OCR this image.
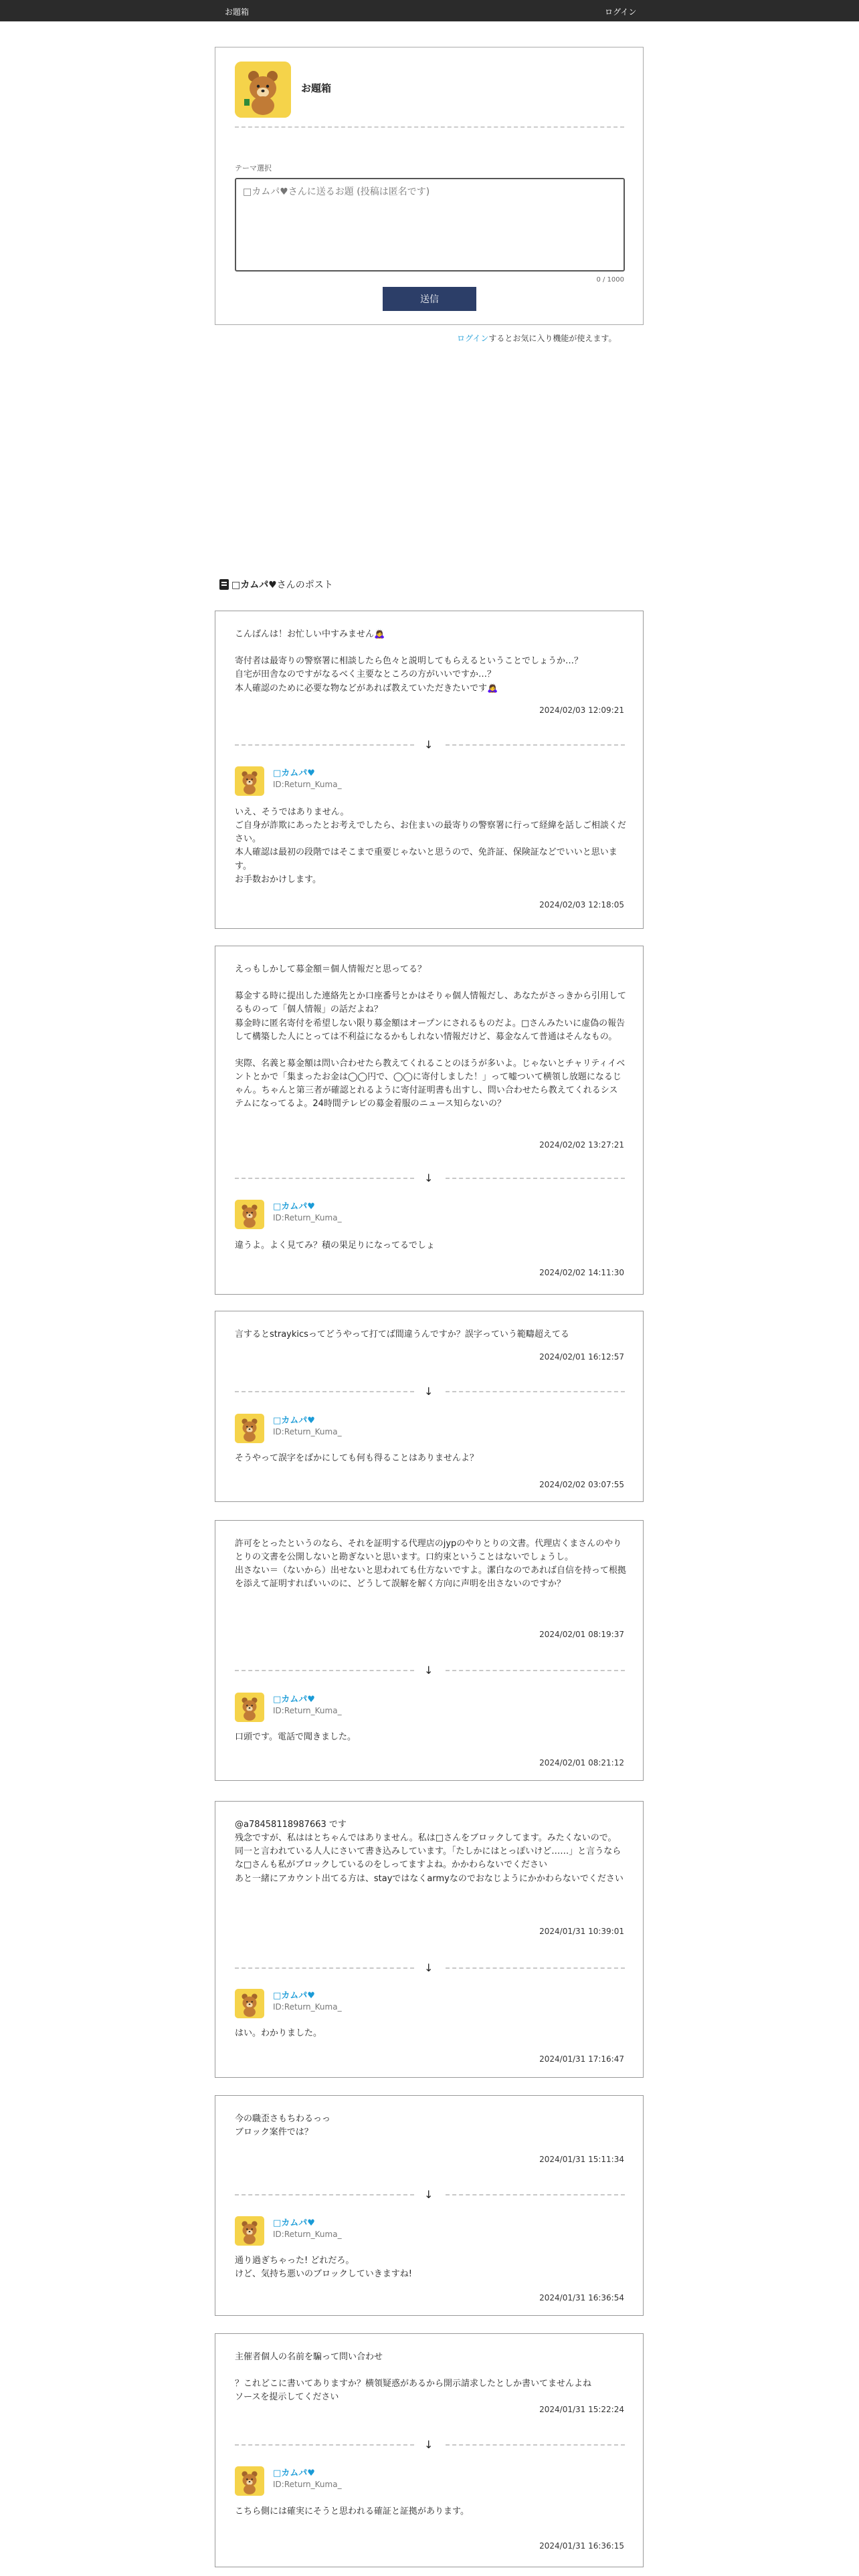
お題箱	ログイン
お題箱
テーマ選択
□カムパ♥さんに送るお題 (投稿は匿名です)
0 / 1000
送信
ログインするとお気に入り機能が使えます。
□カムパ♥さんのポスト
こんばんは！お忙しい中すみません🙇‍♀️

寄付者は最寄りの警察署に相談したら色々と説明してもらえるということでしょうか…？
自宅が田舎なのですがなるべく主要なところの方がいいですか…？
本人確認のために必要な物などがあれば教えていただきたいです🙇‍♀️
2024/02/03 12:09:21
↓
□カムパ♥
ID:Return_Kuma_
いえ、そうではありません。
ご自身が詐欺にあったとお考えでしたら、お住まいの最寄りの警察署に行って経緯を話しご相談ください。
本人確認は最初の段階ではそこまで重要じゃないと思うので、免許証、保険証などでいいと思います。
お手数おかけします。
2024/02/03 12:18:05
えっもしかして募金額＝個人情報だと思ってる？

募金する時に提出した連絡先とか口座番号とかはそりゃ個人情報だし、あなたがさっきから引用してるものって「個人情報」の話だよね？
募金時に匿名寄付を希望しない限り募金額はオープンにされるものだよ。□さんみたいに虚偽の報告して構築した人にとっては不利益になるかもしれない情報だけど、募金なんて普通はそんなもの。

実際、名義と募金額は問い合わせたら教えてくれることのほうが多いよ。じゃないとチャリティイベントとかで「集まったお金は◯◯円で、◯◯に寄付しました！」って嘘ついて横領し放題になるじゃん。ちゃんと第三者が確認とれるように寄付証明書も出すし、問い合わせたら教えてくれるシステムになってるよ。24時間テレビの募金着服のニュース知らないの？
2024/02/02 13:27:21
↓
□カムパ♥
ID:Return_Kuma_
違うよ。よく見てみ？積の果足りになってるでしょ
2024/02/02 14:11:30
言するとstraykicsってどうやって打てば間違うんですか？誤字っていう範疇超えてる
2024/02/01 16:12:57
↓
□カムパ♥
ID:Return_Kuma_
そうやって誤字をばかにしても何も得ることはありませんよ？
2024/02/02 03:07:55
許可をとったというのなら、それを証明する代理店のjypのやりとりの文書。代理店くまさんのやりとりの文書を公開しないと勘ぎないと思います。口約束ということはないでしょうし。
出さない＝（ないから）出せないと思われても仕方ないですよ。潔白なのであれば自信を持って根拠を添えて証明すればいいのに、どうして誤解を解く方向に声明を出さないのですか？
2024/02/01 08:19:37
↓
□カムパ♥
ID:Return_Kuma_
口頭です。電話で聞きました。
2024/02/01 08:21:12
@a78458118987663 です
残念ですが、私ははとちゃんではありません。私は□さんをブロックしてます。みたくないので。
同一と言われている人人にさいて書き込みしています。「たしかにはとっぽいけど……」と言うならな□さんも私がブロックしているのをしってますよね。かかわらないでください
あと一緒にアカウント出てる方は、stayではなくarmyなのでおなじようにかかわらないでください
2024/01/31 10:39:01
↓
□カムパ♥
ID:Return_Kuma_
はい。わかりました。
2024/01/31 17:16:47
今の職歪さもちわるっっ
ブロック案件では？
2024/01/31 15:11:34
↓
□カムパ♥
ID:Return_Kuma_
通り過ぎちゃった! どれだろ。
けど、気持ち悪いのブロックしていきますね!
2024/01/31 16:36:54
主催者個人の名前を騙って問い合わせ

？これどこに書いてありますか？横領疑惑があるから開示請求したとしか書いてませんよね
ソースを提示してください
2024/01/31 15:22:24
↓
□カムパ♥
ID:Return_Kuma_
こちら側には確実にそうと思われる確証と証拠があります。
2024/01/31 16:36:15
